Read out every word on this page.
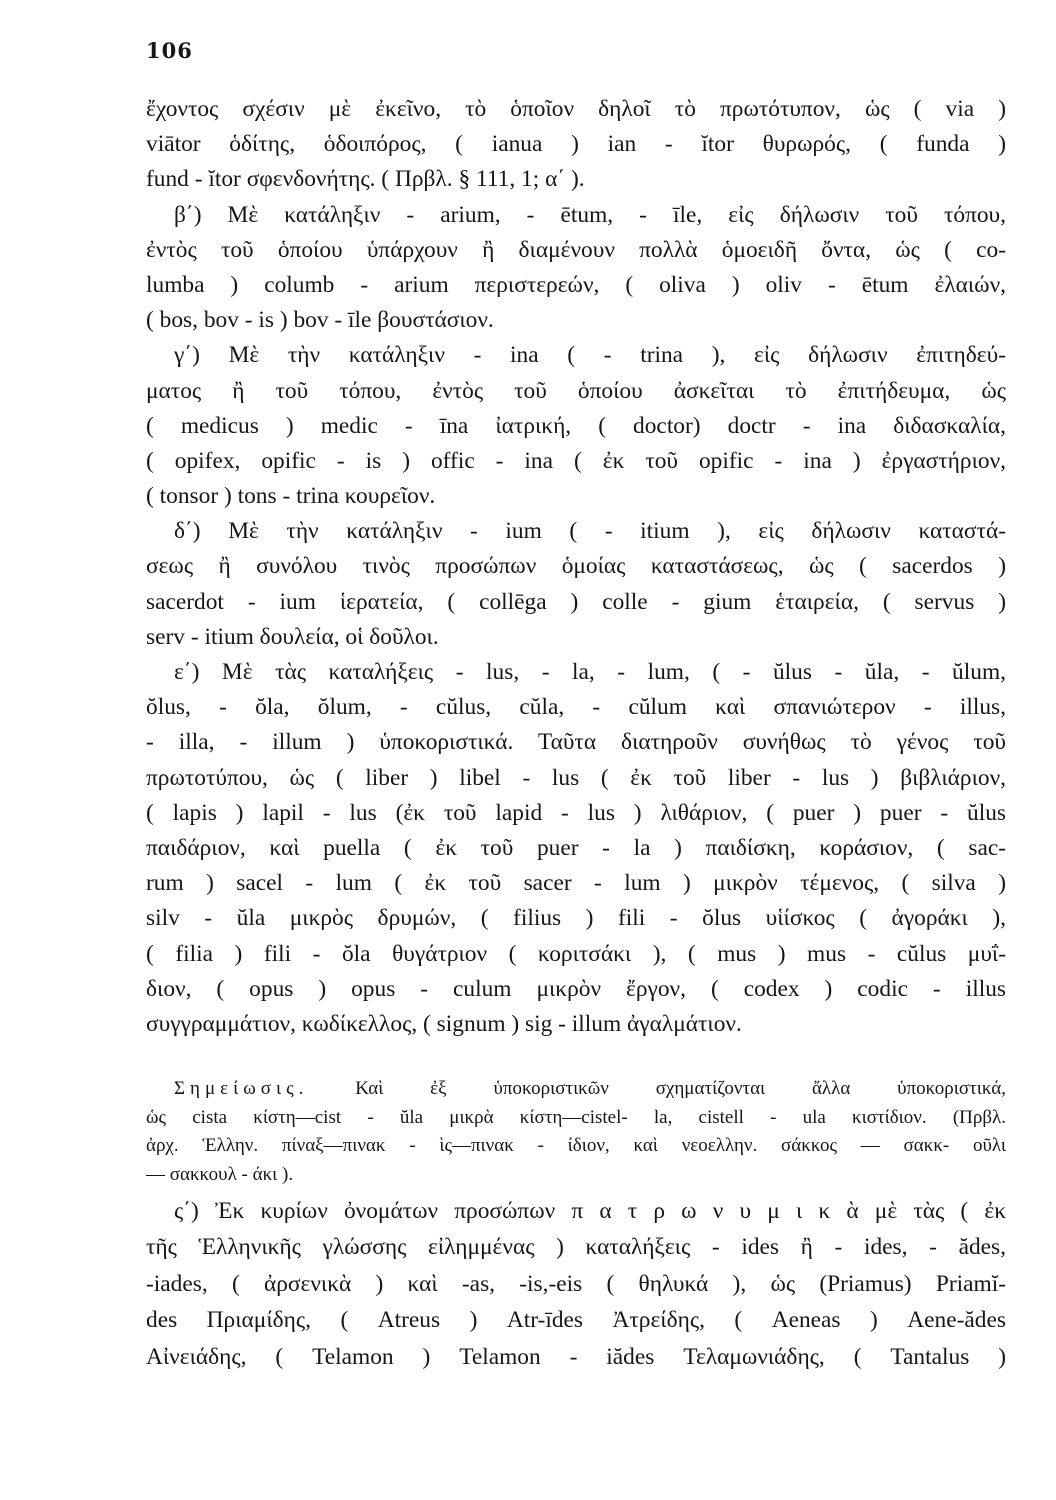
106
ἔχοντος σχέσιν μὲ ἐκεῖνο, τὸ ὁποῖον δηλοῖ τὸ πρωτότυπον, ὡς ( via )
viātor ὁδίτης, ὁδοιπόρος, ( ianua ) ian - ĭtor θυρωρός, ( funda )
fund - ĭtor σφενδονήτης. ( Πρβλ. § 111, 1; α΄ ).
β΄) Μὲ κατάληξιν - arium, - ētum, - īle, εἰς δήλωσιν τοῦ τόπου,
ἐντὸς τοῦ ὁποίου ὑπάρχουν ἢ διαμένουν πολλὰ ὁμοειδῆ ὄντα, ὡς ( co-
lumba ) columb - arium περιστερεών, ( oliva ) oliv - ētum ἐλαιών,
( bos, bov - is ) bov - īle βουστάσιον.
γ΄) Μὲ τὴν κατάληξιν - ina ( - trina ), εἰς δήλωσιν ἐπιτηδεύ-
ματος ἢ τοῦ τόπου, ἐντὸς τοῦ ὁποίου ἀσκεῖται τὸ ἐπιτήδευμα, ὡς
( medicus ) medic - īna ἰατρική, ( doctor) doctr - ina διδασκαλία,
( opifex, opific - is ) offic - ina ( ἐκ τοῦ opific - ina ) ἐργαστήριον,
( tonsor ) tons - trina κουρεῖον.
δ΄) Μὲ τὴν κατάληξιν - ium ( - itium ), εἰς δήλωσιν καταστά-
σεως ἢ συνόλου τινὸς προσώπων ὁμοίας καταστάσεως, ὡς ( sacerdos )
sacerdot - ium ἱερατεία, ( collēga ) colle - gium ἑταιρεία, ( servus )
serv - itium δουλεία, οἱ δοῦλοι.
ε΄) Μὲ τὰς καταλήξεις - lus, - la, - lum, ( - ŭlus - ŭla, - ŭlum,
ŏlus, - ŏla, ŏlum, - cŭlus, cŭla, - cŭlum καὶ σπανιώτερον - illus,
- illa, - illum ) ὑποκοριστικά. Ταῦτα διατηροῦν συνήθως τὸ γένος τοῦ
πρωτοτύπου, ὡς ( liber ) libel - lus ( ἐκ τοῦ liber - lus ) βιβλιάριον,
( lapis ) lapil - lus (ἐκ τοῦ lapid - lus ) λιθάριον, ( puer ) puer - ŭlus
παιδάριον, καὶ puella ( ἐκ τοῦ puer - la ) παιδίσκη, κοράσιον, ( sac-
rum ) sacel - lum ( ἐκ τοῦ sacer - lum ) μικρὸν τέμενος, ( silva )
silv - ŭla μικρὸς δρυμών, ( filius ) fili - ŏlus υἱίσκος ( ἀγοράκι ),
( filia ) fili - ŏla θυγάτριον ( κοριτσάκι ), ( mus ) mus - cŭlus μυΐ-
διον, ( opus ) opus - culum μικρὸν ἔργον, ( codex ) codic - illus
συγγραμμάτιον, κωδίκελλος, ( signum ) sig - illum ἀγαλμάτιον.
Σημείωσις. Καὶ ἐξ ὑποκοριστικῶν σχηματίζονται ἄλλα ὑποκοριστικά,
ὡς cista κίστη—cist - ŭla μικρὰ κίστη—cistel- la, cistell - ula κιστίδιον. (Πρβλ.
ἀρχ. Ἑλλην. πίναξ—πινακ - ὶς—πινακ - ίδιον, καὶ νεοελλην. σάκκος — σακκ- οῦλι
— σακκουλ - άκι ).
ς΄) Ἐκ κυρίων ὀνομάτων προσώπων π α τ ρ ω ν υ μ ι κ ὰ μὲ τὰς ( ἐκ
τῆς Ἑλληνικῆς γλώσσης εἰλημμένας ) καταλήξεις - ides ἢ - ides, - ădes,
-iades, ( ἀρσενικὰ ) καὶ -as, -is,-eis ( θηλυκά ), ὡς (Priamus) Priamĭ-
des Πριαμίδης, ( Atreus ) Atr-īdes Ἀτρείδης, ( Aeneas ) Aene-ădes
Αἰνειάδης, ( Telamon ) Telamon - iădes Τελαμωνιάδης, ( Tantalus )
